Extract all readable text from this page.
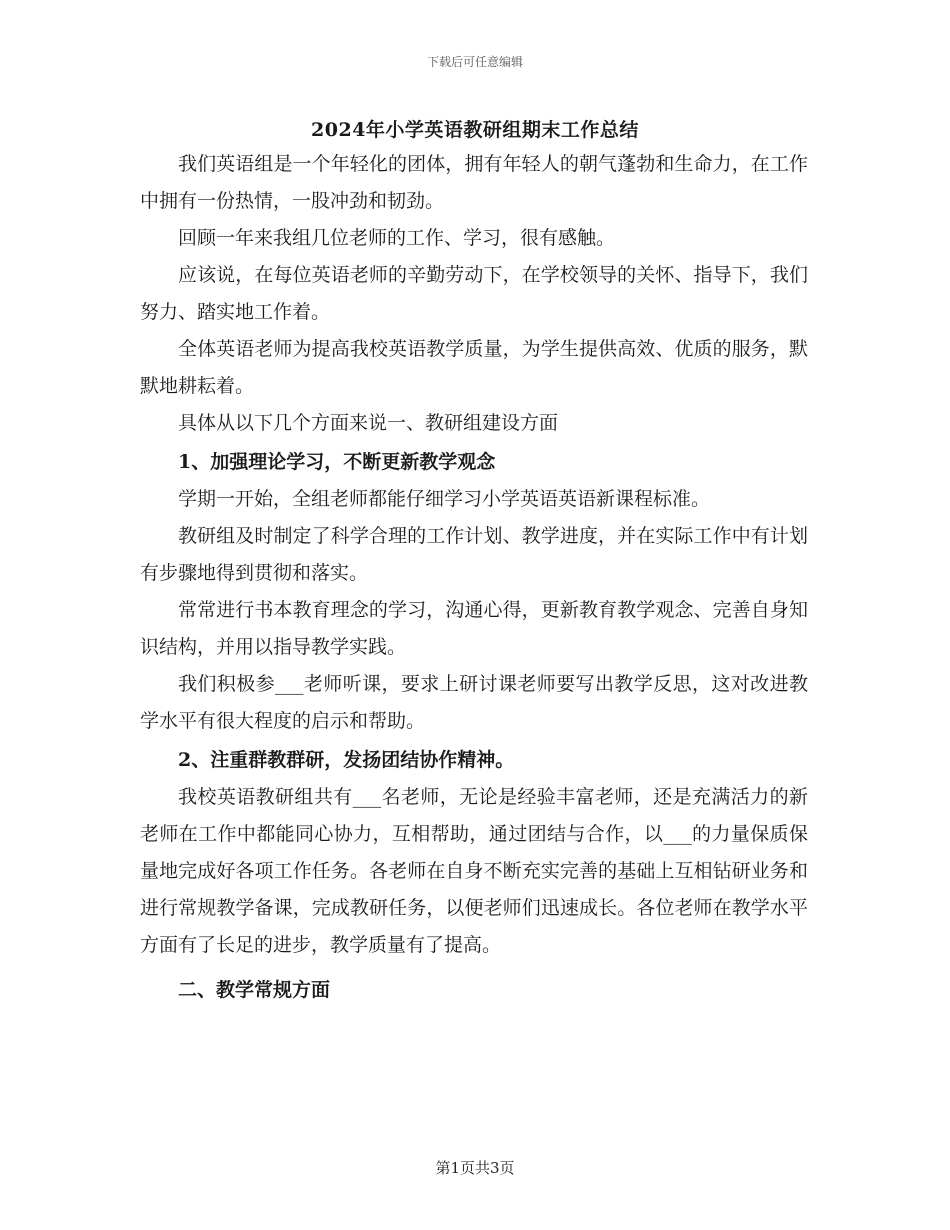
下载后可任意编辑
2024年小学英语教研组期末工作总结

我们英语组是一个年轻化的团体，拥有年轻人的朝气蓬勃和生命力，在工作中拥有一份热情，一股冲劲和韧劲。

回顾一年来我组几位老师的工作、学习，很有感触。

应该说，在每位英语老师的辛勤劳动下，在学校领导的关怀、指导下，我们努力、踏实地工作着。

全体英语老师为提高我校英语教学质量，为学生提供高效、优质的服务，默默地耕耘着。

具体从以下几个方面来说一、教研组建设方面

1、加强理论学习，不断更新教学观念

学期一开始，全组老师都能仔细学习小学英语英语新课程标准。

教研组及时制定了科学合理的工作计划、教学进度，并在实际工作中有计划有步骤地得到贯彻和落实。

常常进行书本教育理念的学习，沟通心得，更新教育教学观念、完善自身知识结构，并用以指导教学实践。

我们积极参___老师听课，要求上研讨课老师要写出教学反思，这对改进教学水平有很大程度的启示和帮助。

2、注重群教群研，发扬团结协作精神。

我校英语教研组共有___名老师，无论是经验丰富老师，还是充满活力的新老师在工作中都能同心协力，互相帮助，通过团结与合作，以___的力量保质保量地完成好各项工作任务。各老师在自身不断充实完善的基础上互相钻研业务和进行常规教学备课，完成教研任务，以便老师们迅速成长。各位老师在教学水平方面有了长足的进步，教学质量有了提高。

二、教学常规方面

第1页共3页
